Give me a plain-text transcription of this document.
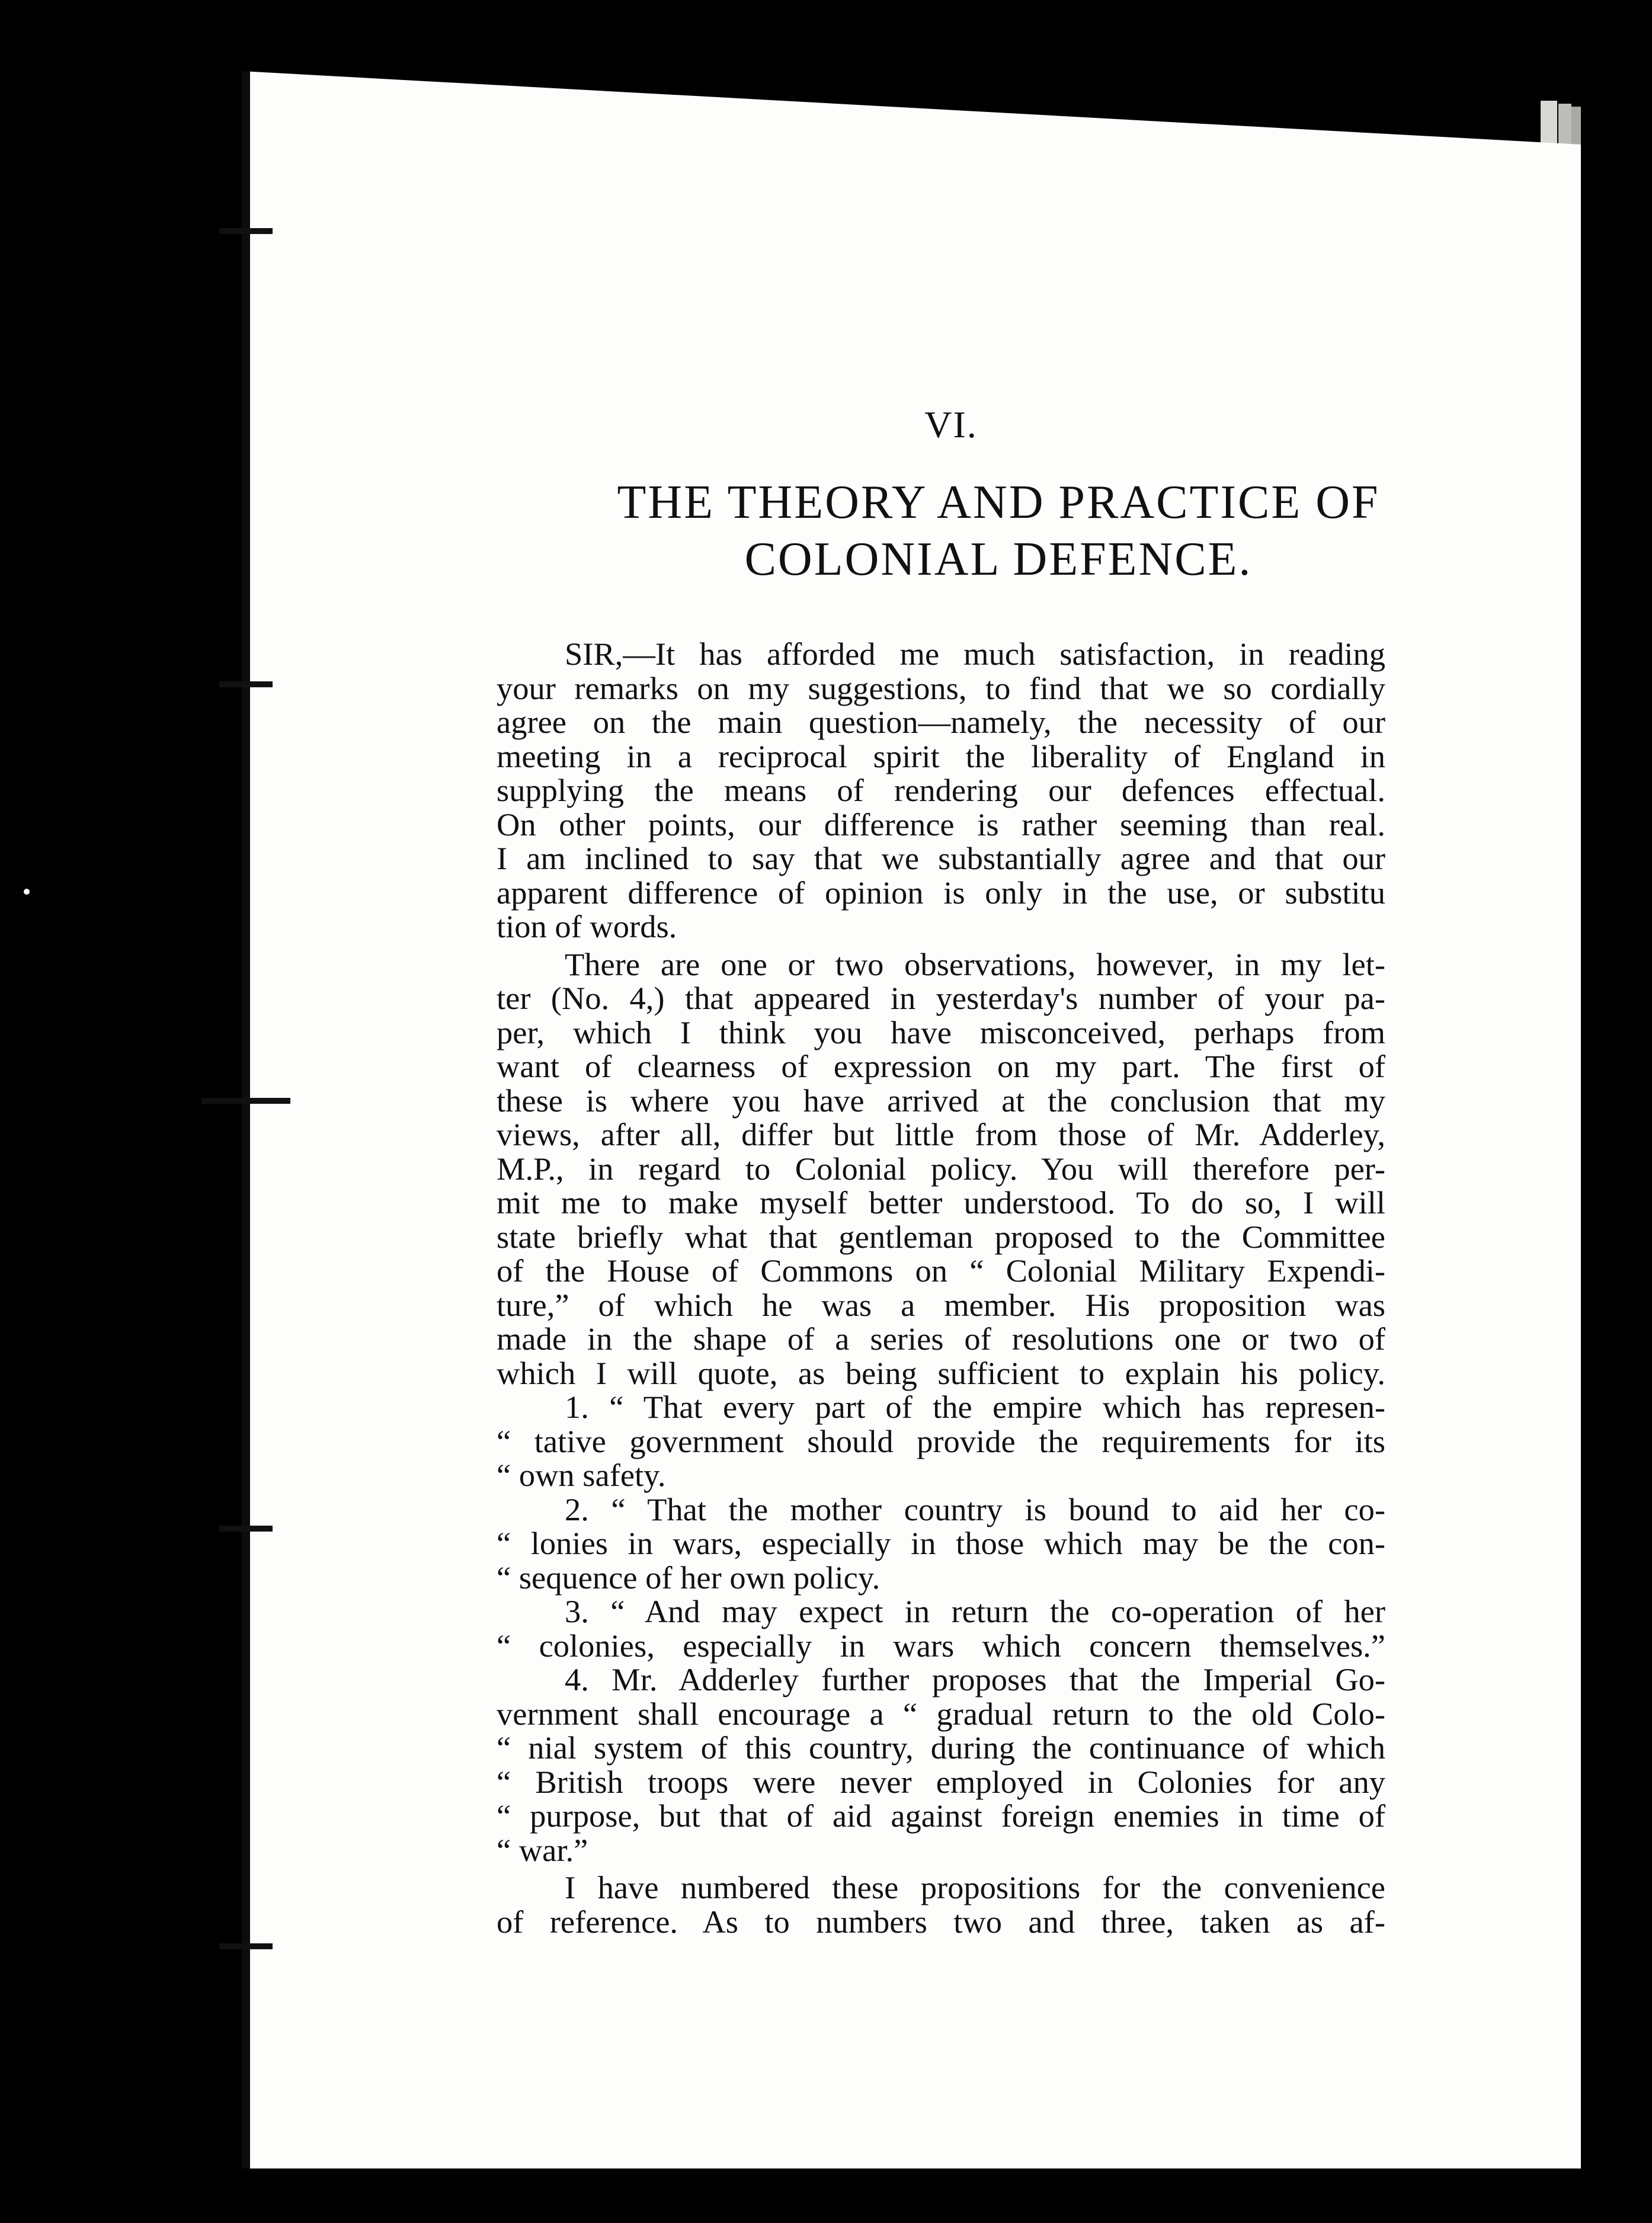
VI.
THE THEORY AND PRACTICE OF
COLONIAL DEFENCE.
SIR,—It has afforded me much satisfaction, in reading
your remarks on my suggestions, to find that we so cordially
agree on the main question—namely, the necessity of our
meeting in a reciprocal spirit the liberality of England in
supplying the means of rendering our defences effectual.
On other points, our difference is rather seeming than real.
I am inclined to say that we substantially agree and that our
apparent difference of opinion is only in the use, or substitu
tion of words.
There are one or two observations, however, in my let-
ter (No. 4,) that appeared in yesterday's number of your pa-
per, which I think you have misconceived, perhaps from
want of clearness of expression on my part. The first of
these is where you have arrived at the conclusion that my
views, after all, differ but little from those of Mr. Adderley,
M.P., in regard to Colonial policy. You will therefore per-
mit me to make myself better understood. To do so, I will
state briefly what that gentleman proposed to the Committee
of the House of Commons on “ Colonial Military Expendi-
ture,” of which he was a member. His proposition was
made in the shape of a series of resolutions one or two of
which I will quote, as being sufficient to explain his policy.
1. “ That every part of the empire which has represen-
“ tative government should provide the requirements for its
“ own safety.
2. “ That the mother country is bound to aid her co-
“ lonies in wars, especially in those which may be the con-
“ sequence of her own policy.
3. “ And may expect in return the co-operation of her
“ colonies, especially in wars which concern themselves.”
4. Mr. Adderley further proposes that the Imperial Go-
vernment shall encourage a “ gradual return to the old Colo-
“ nial system of this country, during the continuance of which
“ British troops were never employed in Colonies for any
“ purpose, but that of aid against foreign enemies in time of
“ war.”
I have numbered these propositions for the convenience
of reference. As to numbers two and three, taken as af-
